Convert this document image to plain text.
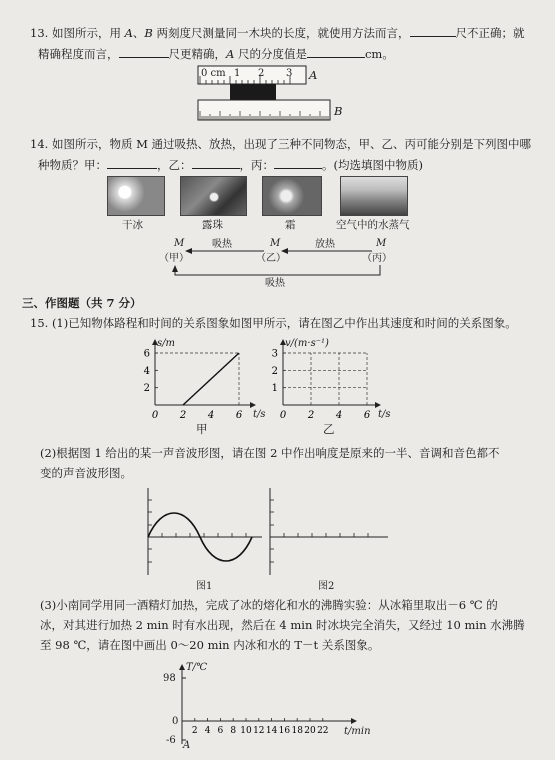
13. 如图所示，用 A、B 两刻度尺测量同一木块的长度，就使用方法而言，	尺不正确；就
精确程度而言，	尺更精确，A 尺的分度值是	cm。
0 cm 1 2 3 A
B
14. 如图所示，物质 M 通过吸热、放热，出现了三种不同物态，甲、乙、丙可能分别是下列图中哪
种物质？甲：	，乙：	，丙：	。(均选填图中物质)
干冰	露珠	霜	空气中的水蒸气
M
（甲）
M
（乙）
M
（丙）
吸热	放热
吸热
三、作图题（共 7 分）
15. (1)已知物体路程和时间的关系图象如图甲所示，请在图乙中作出其速度和时间的关系图象。
0 2 4 6
2
4
6
0 2 4 6
1
2
3
s/m
t/s
甲
v/(m·s⁻¹)
t/s
乙
(2)根据图 1 给出的某一声音波形图，请在图 2 中作出响度是原来的一半、音调和音色都不
变的声音波形图。
图1	图2
(3)小南同学用同一酒精灯加热，完成了冰的熔化和水的沸腾实验：从冰箱里取出－6 ℃ 的
冰，对其进行加热 2 min 时有水出现，然后在 4 min 时冰块完全消失，又经过 10 min 水沸腾
至 98 ℃，请在图中画出 0～20 min 内冰和水的 T－t 关系图象。
2 4 6 8 10 12 14 16 18 20 22
T/℃
98
0
-6 A
t/min
